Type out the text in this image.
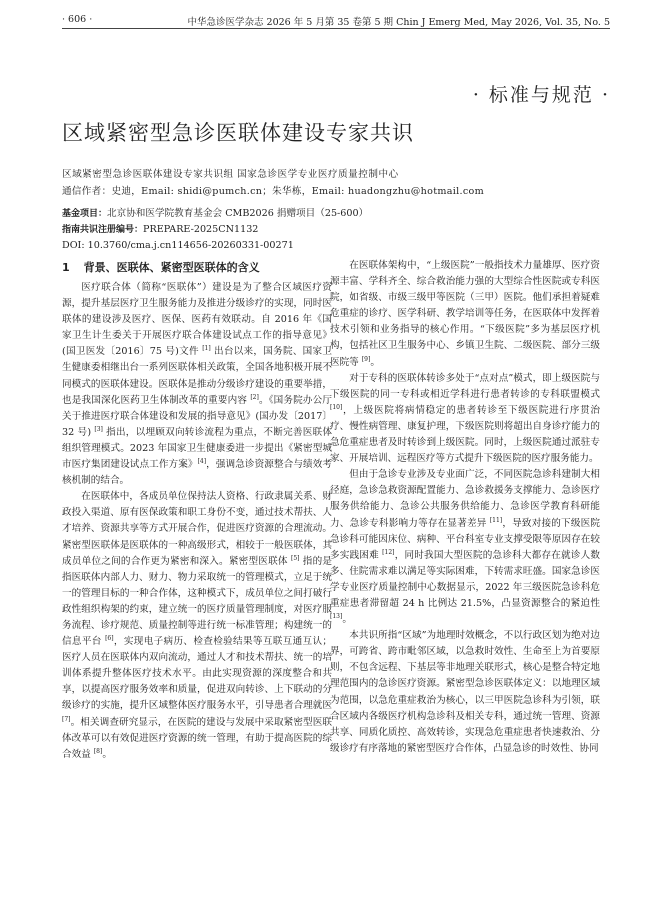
· 606 ·	中华急诊医学杂志 2026 年 5 月第 35 卷第 5 期 Chin J Emerg Med, May 2026, Vol. 35, No. 5
· 标准与规范 ·
区域紧密型急诊医联体建设专家共识
区域紧密型急诊医联体建设专家共识组 国家急诊医学专业医疗质量控制中心
通信作者：史迪，Email: shidi@pumch.cn；朱华栋，Email: huadongzhu@hotmail.com
基金项目：北京协和医学院教育基金会 CMB2026 捐赠项目（25-600）
指南共识注册编号：PREPARE-2025CN1132
DOI: 10.3760/cma.j.cn114656-20260331-00271

1 背景、医联体、紧密型医联体的含义

医疗联合体（简称“医联体”）建设是为了整合区域医疗资源，提升基层医疗卫生服务能力及推进分级诊疗的实现，同时医联体的建设涉及医疗、医保、医药有效联动。自 2016 年《国家卫生计生委关于开展医疗联合体建设试点工作的指导意见》(国卫医发〔2016〕75 号)文件 [1] 出台以来，国务院、国家卫生健康委相继出台一系列医联体相关政策，全国各地积极开展不同模式的医联体建设。医联体是推动分级诊疗建设的重要举措，也是我国深化医药卫生体制改革的重要内容 [2]。《国务院办公厅关于推进医疗联合体建设和发展的指导意见》(国办发〔2017〕32 号) [3] 指出，以埋顾双向转诊流程为重点，不断完善医联体组织管理模式。2023 年国家卫生健康委进一步提出《紧密型城市医疗集团建设试点工作方案》[4]，强调急诊资源整合与绩效考核机制的结合。

在医联体中，各成员单位保持法人资格、行政隶属关系、财政投入渠道、原有医保政策和职工身份不变，通过技术帮扶、人才培养、资源共享等方式开展合作，促进医疗资源的合理流动。紧密型医联体是医联体的一种高级形式，相较于一般医联体，其成员单位之间的合作更为紧密和深入。紧密型医联体 [5] 指的是指医联体内部人力、财力、物力采取统一的管理模式，立足于统一的管理目标的一种合作体，这种模式下，成员单位之间打破行政性组织构架的约束，建立统一的医疗质量管理制度，对医疗服务流程、诊疗规范、质量控制等进行统一标准管理；构建统一的信息平台 [6]，实现电子病历、检查检验结果等互联互通互认；医疗人员在医联体内双向流动，通过人才和技术帮扶、统一的培训体系提升整体医疗技术水平。由此实现资源的深度整合和共享，以提高医疗服务效率和质量，促进双向转诊、上下联动的分级诊疗的实施，提升区域整体医疗服务水平，引导患者合理就医 [7]。相关调查研究显示，在医院的建设与发展中采取紧密型医联体改革可以有效促进医疗资源的统一管理，有助于提高医院的综合效益 [8]。

在医联体架构中，“上级医院”一般指技术力量雄厚、医疗资源丰富、学科齐全、综合救治能力强的大型综合性医院或专科医院，如省级、市级三级甲等医院（三甲）医院。他们承担着疑难危重症的诊疗、医学科研、教学培训等任务，在医联体中发挥着技术引领和业务指导的核心作用。“下级医院”多为基层医疗机构，包括社区卫生服务中心、乡镇卫生院、二级医院、部分三级医院等 [9]。

对于专科的医联体转诊多处于“点对点”模式，即上级医院与下级医院的同一专科或相近学科进行患者转诊的专科联盟模式 [10]，上级医院将病情稳定的患者转诊至下级医院进行序贯治疗、慢性病管理、康复护理，下级医院则将超出自身诊疗能力的急危重症患者及时转诊到上级医院。同时，上级医院通过派驻专家、开展培训、远程医疗等方式提升下级医院的医疗服务能力。

但由于急诊专业涉及专业面广泛，不同医院急诊科建制大相径庭，急诊急救资源配置能力、急诊救援务支撑能力、急诊医疗服务供给能力、急诊公共服务供给能力、急诊医学教育科研能力、急诊专科影响力等存在显著差异 [11]，导致对接的下级医院急诊科可能因床位、病种、平台科室专业支撑受限等原因存在较多实践困难 [12]，同时我国大型医院的急诊科大都存在就诊人数多、住院需求难以满足等实际困难，下转需求旺盛。国家急诊医学专业医疗质量控制中心数据显示，2022 年三级医院急诊科危重症患者滞留超 24 h 比例达 21.5%，凸显资源整合的紧迫性 [13]。

本共识所指“区域”为地理时效概念，不以行政区划为绝对边界，可跨省、跨市毗邻区域，以急救时效性、生命至上为首要原则，不包含远程、下基层等非地理关联形式，核心是整合特定地理范围内的急诊医疗资源。紧密型急诊医联体定义：以地理区域为范围，以急危重症救治为核心，以三甲医院急诊科为引领，联合区域内各级医疗机构急诊科及相关专科，通过统一管理、资源共享、同质化质控、高效转诊，实现急危重症患者快速救治、分级诊疗有序落地的紧密型医疗合作体，凸显急诊的时效性、协同
